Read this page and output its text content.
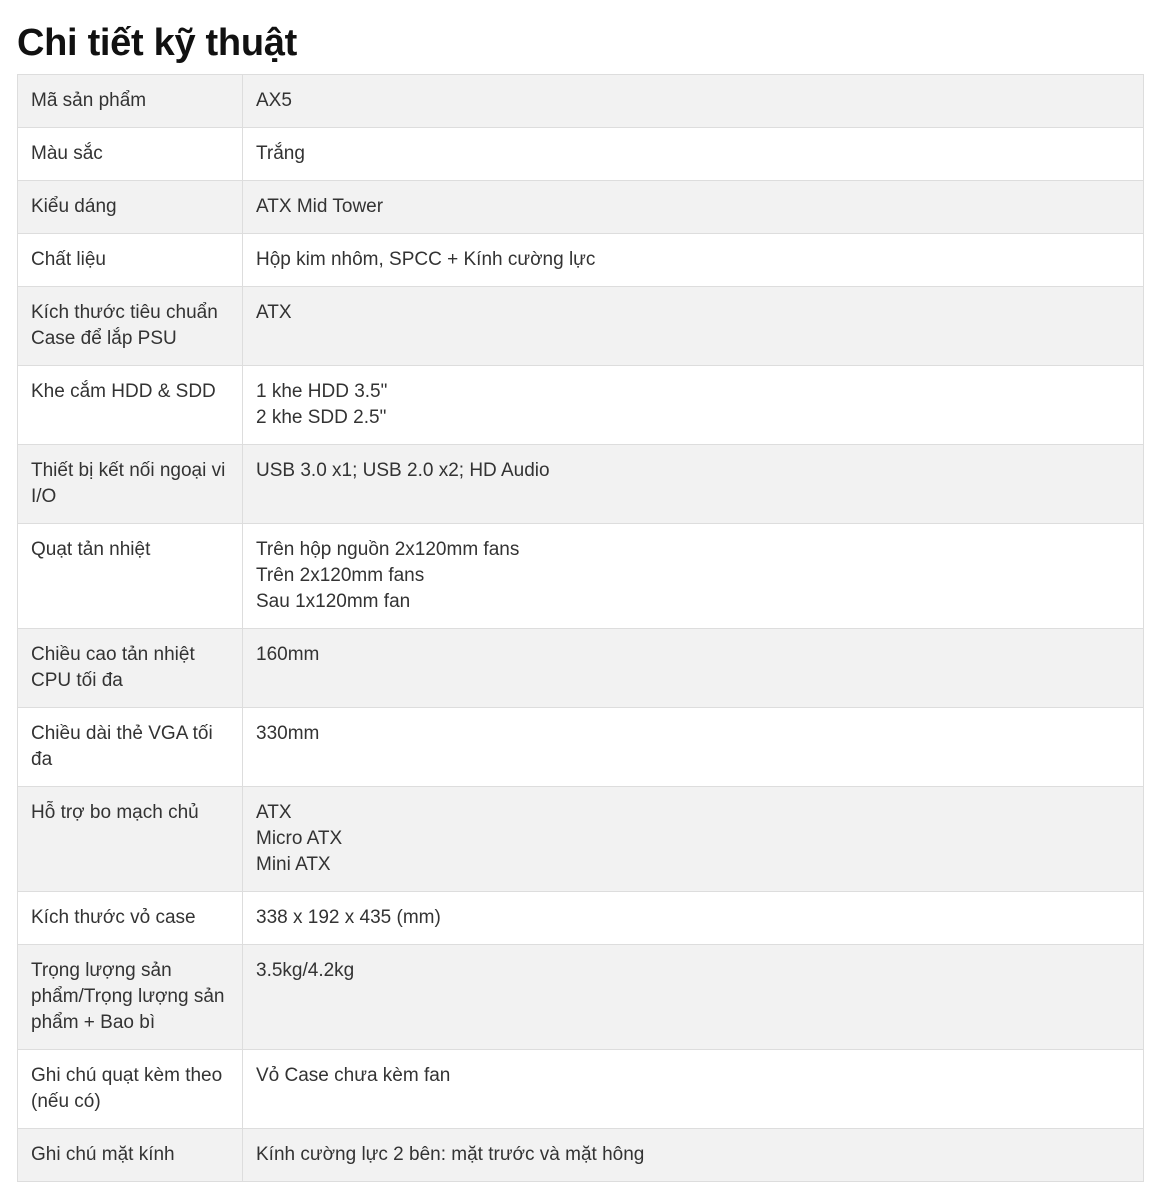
Chi tiết kỹ thuật
Mã sản phẩm	AX5

Màu sắc	Trắng

Kiểu dáng	ATX Mid Tower

Chất liệu	Hộp kim nhôm, SPCC + Kính cường lực

Kích thước tiêu chuẩn Case để lắp PSU	ATX

Khe cắm HDD & SDD	1 khe HDD 3.5"
2 khe SDD 2.5"

Thiết bị kết nối ngoại vi I/O	USB 3.0 x1; USB 2.0 x2; HD Audio

Quạt tản nhiệt	Trên hộp nguồn 2x120mm fans
Trên 2x120mm fans
Sau 1x120mm fan

Chiều cao tản nhiệt CPU tối đa	160mm

Chiều dài thẻ VGA tối đa	330mm

Hỗ trợ bo mạch chủ	ATX
Micro ATX
Mini ATX

Kích thước vỏ case	338 x 192 x 435 (mm)

Trọng lượng sản phẩm/Trọng lượng sản phẩm + Bao bì	3.5kg/4.2kg

Ghi chú quạt kèm theo (nếu có)	Vỏ Case chưa kèm fan

Ghi chú mặt kính	Kính cường lực 2 bên: mặt trước và mặt hông
